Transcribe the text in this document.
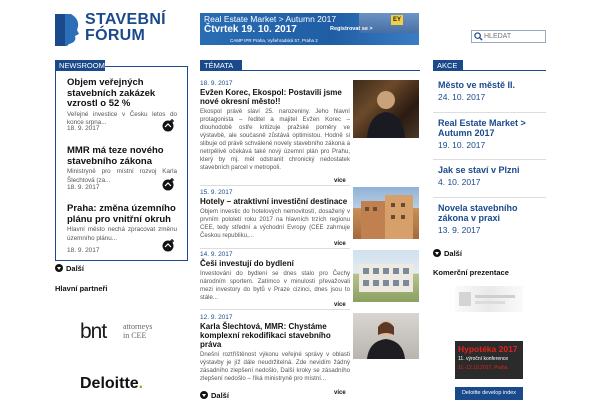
STAVEBNÍ
FÓRUM
EY
Real Estate Market > Autumn 2017
Čtvrtek 19. 10. 2017	Registrovat se >
CAMP IPR Praha, Vyšehradská 57, Praha 2
HLEDAT
NEWSROOM
Objem veřejných stavebních zakázek vzrostl o 52 %
Veřejné investice v Česku letos do konce srpna...
18. 9. 2017
MMR má teze nového stavebního zákona
Ministryně pro místní rozvoj Karla Šlechtová (za...
18. 9. 2017
Praha: změna územního plánu pro vnitřní okruh
Hlavní město nechá zpracovat změnu územního plánu...
18. 9. 2017
Další
Hlavní partneři
bnt attorneys
in CEE
Deloitte.
TÉMATA
18. 9. 2017
Evžen Korec, Ekospol: Postavili jsme nové okresní město!!
Ekospol právě slaví 25. narozeniny. Jeho hlavní protagonista – ředitel a majitel Evžen Korec – dlouhodobě ostře kritizuje pražské poměry ve výstavbě, ale současně zůstává optimistou. Hodně si slibuje od právě schválené novely stavebního zákona a netrpělivě očekává také nový územní plán pro Prahu, který by mj. měl odstranit chronický nedostatek stavebních parcel v metropoli.
více
15. 9. 2017
Hotely – atraktivní investiční destinace
Objem investic do hotelových nemovitostí, dosažený v prvním pololetí roku 2017 na hlavních trzích regionu CEE, tedy střední a východní Evropy (CEE zahrnuje Českou republiku,...
více
14. 9. 2017
Češi investují do bydlení
Investování do bydlení se dnes stalo pro Čechy národním sportem. Zatímco v minulosti převažovali mezi investory do bytů v Praze cizinci, dnes jsou to stále...
více
12. 9. 2017
Karla Šlechtová, MMR: Chystáme komplexní rekodifikaci stavebního práva
Dnešní roztříštěnost výkonu veřejné správy v oblasti výstavby je jíž dále neudržitelná. Zde nevidím žádný zásadního zlepšení nedošlo, Další kroky se zásadního zlepšení nedošlo – říká ministryně pro místní...
více
Další
AKCE
Město ve městě II.
24. 10. 2017
Real Estate Market > Autumn 2017
19. 10. 2017
Jak se staví v Plzni
4. 10. 2017
Novela stavebního zákona v praxi
13. 9. 2017
Další
Komerční prezentace
Hypotéka 2017
11. výroční konference
11.-12.10.2017, Praha
Deloitte develop index
